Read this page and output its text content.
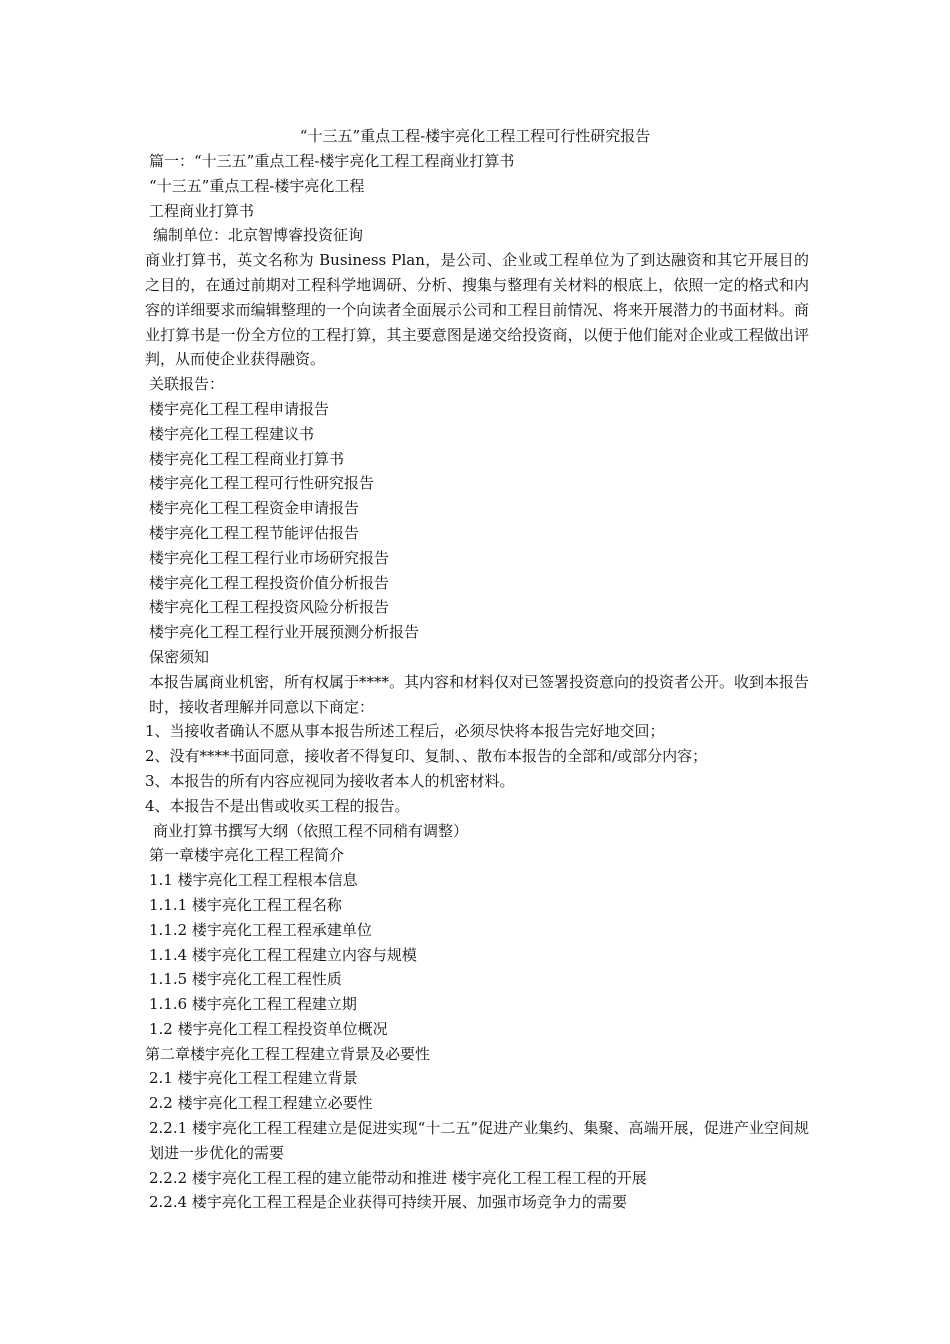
“十三五”重点工程-楼宇亮化工程工程可行性研究报告

篇一：“十三五”重点工程-楼宇亮化工程工程商业打算书

“十三五”重点工程-楼宇亮化工程

工程商业打算书

编制单位：北京智博睿投资征询

商业打算书，英文名称为 Business Plan，是公司、企业或工程单位为了到达融资和其它开展目的之目的，在通过前期对工程科学地调研、分析、搜集与整理有关材料的根底上，依照一定的格式和内容的详细要求而编辑整理的一个向读者全面展示公司和工程目前情况、将来开展潜力的书面材料。商业打算书是一份全方位的工程打算，其主要意图是递交给投资商，以便于他们能对企业或工程做出评判，从而使企业获得融资。

关联报告：

楼宇亮化工程工程申请报告

楼宇亮化工程工程建议书

楼宇亮化工程工程商业打算书

楼宇亮化工程工程可行性研究报告

楼宇亮化工程工程资金申请报告

楼宇亮化工程工程节能评估报告

楼宇亮化工程工程行业市场研究报告

楼宇亮化工程工程投资价值分析报告

楼宇亮化工程工程投资风险分析报告

楼宇亮化工程工程行业开展预测分析报告

保密须知

本报告属商业机密，所有权属于****。其内容和材料仅对已签署投资意向的投资者公开。收到本报告时，接收者理解并同意以下商定：

1、当接收者确认不愿从事本报告所述工程后，必须尽快将本报告完好地交回；

2、没有****书面同意，接收者不得复印、复制、、散布本报告的全部和/或部分内容；

3、本报告的所有内容应视同为接收者本人的机密材料。

4、本报告不是出售或收买工程的报告。

商业打算书撰写大纲（依照工程不同稍有调整）

第一章楼宇亮化工程工程简介

1.1 楼宇亮化工程工程根本信息

1.1.1 楼宇亮化工程工程名称

1.1.2 楼宇亮化工程工程承建单位

1.1.4 楼宇亮化工程工程建立内容与规模

1.1.5 楼宇亮化工程工程性质

1.1.6 楼宇亮化工程工程建立期

1.2 楼宇亮化工程工程投资单位概况

第二章楼宇亮化工程工程建立背景及必要性

2.1 楼宇亮化工程工程建立背景

2.2 楼宇亮化工程工程建立必要性

2.2.1 楼宇亮化工程工程建立是促进实现“十二五”促进产业集约、集聚、高端开展，促进产业空间规划进一步优化的需要

2.2.2 楼宇亮化工程工程的建立能带动和推进 楼宇亮化工程工程工程的开展

2.2.4 楼宇亮化工程工程是企业获得可持续开展、加强市场竞争力的需要
